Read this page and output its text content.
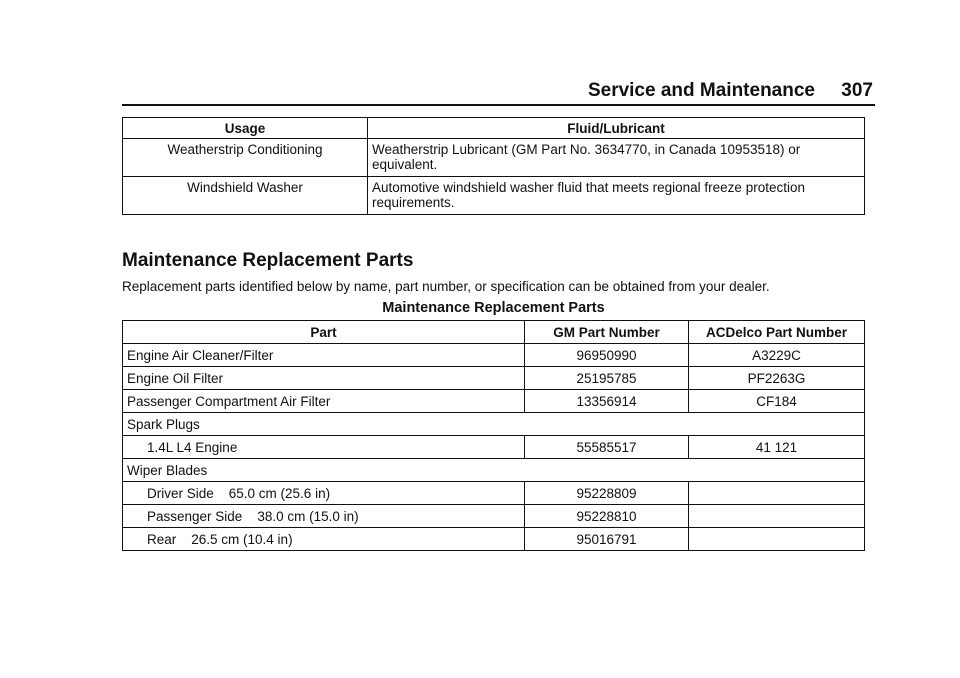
Service and Maintenance 307
Usage	Fluid/Lubricant
Weatherstrip Conditioning	Weatherstrip Lubricant (GM Part No. 3634770, in Canada 10953518) or equivalent.
Windshield Washer	Automotive windshield washer fluid that meets regional freeze protection requirements.
Maintenance Replacement Parts
Replacement parts identified below by name, part number, or specification can be obtained from your dealer.
Maintenance Replacement Parts
Part	GM Part Number	ACDelco Part Number
Engine Air Cleaner/Filter	96950990	A3229C
Engine Oil Filter	25195785	PF2263G
Passenger Compartment Air Filter	13356914	CF184
Spark Plugs		
1.4L L4 Engine	55585517	41 121
Wiper Blades		
Driver Side    65.0 cm (25.6 in)	95228809	
Passenger Side    38.0 cm (15.0 in)	95228810	
Rear    26.5 cm (10.4 in)	95016791	
